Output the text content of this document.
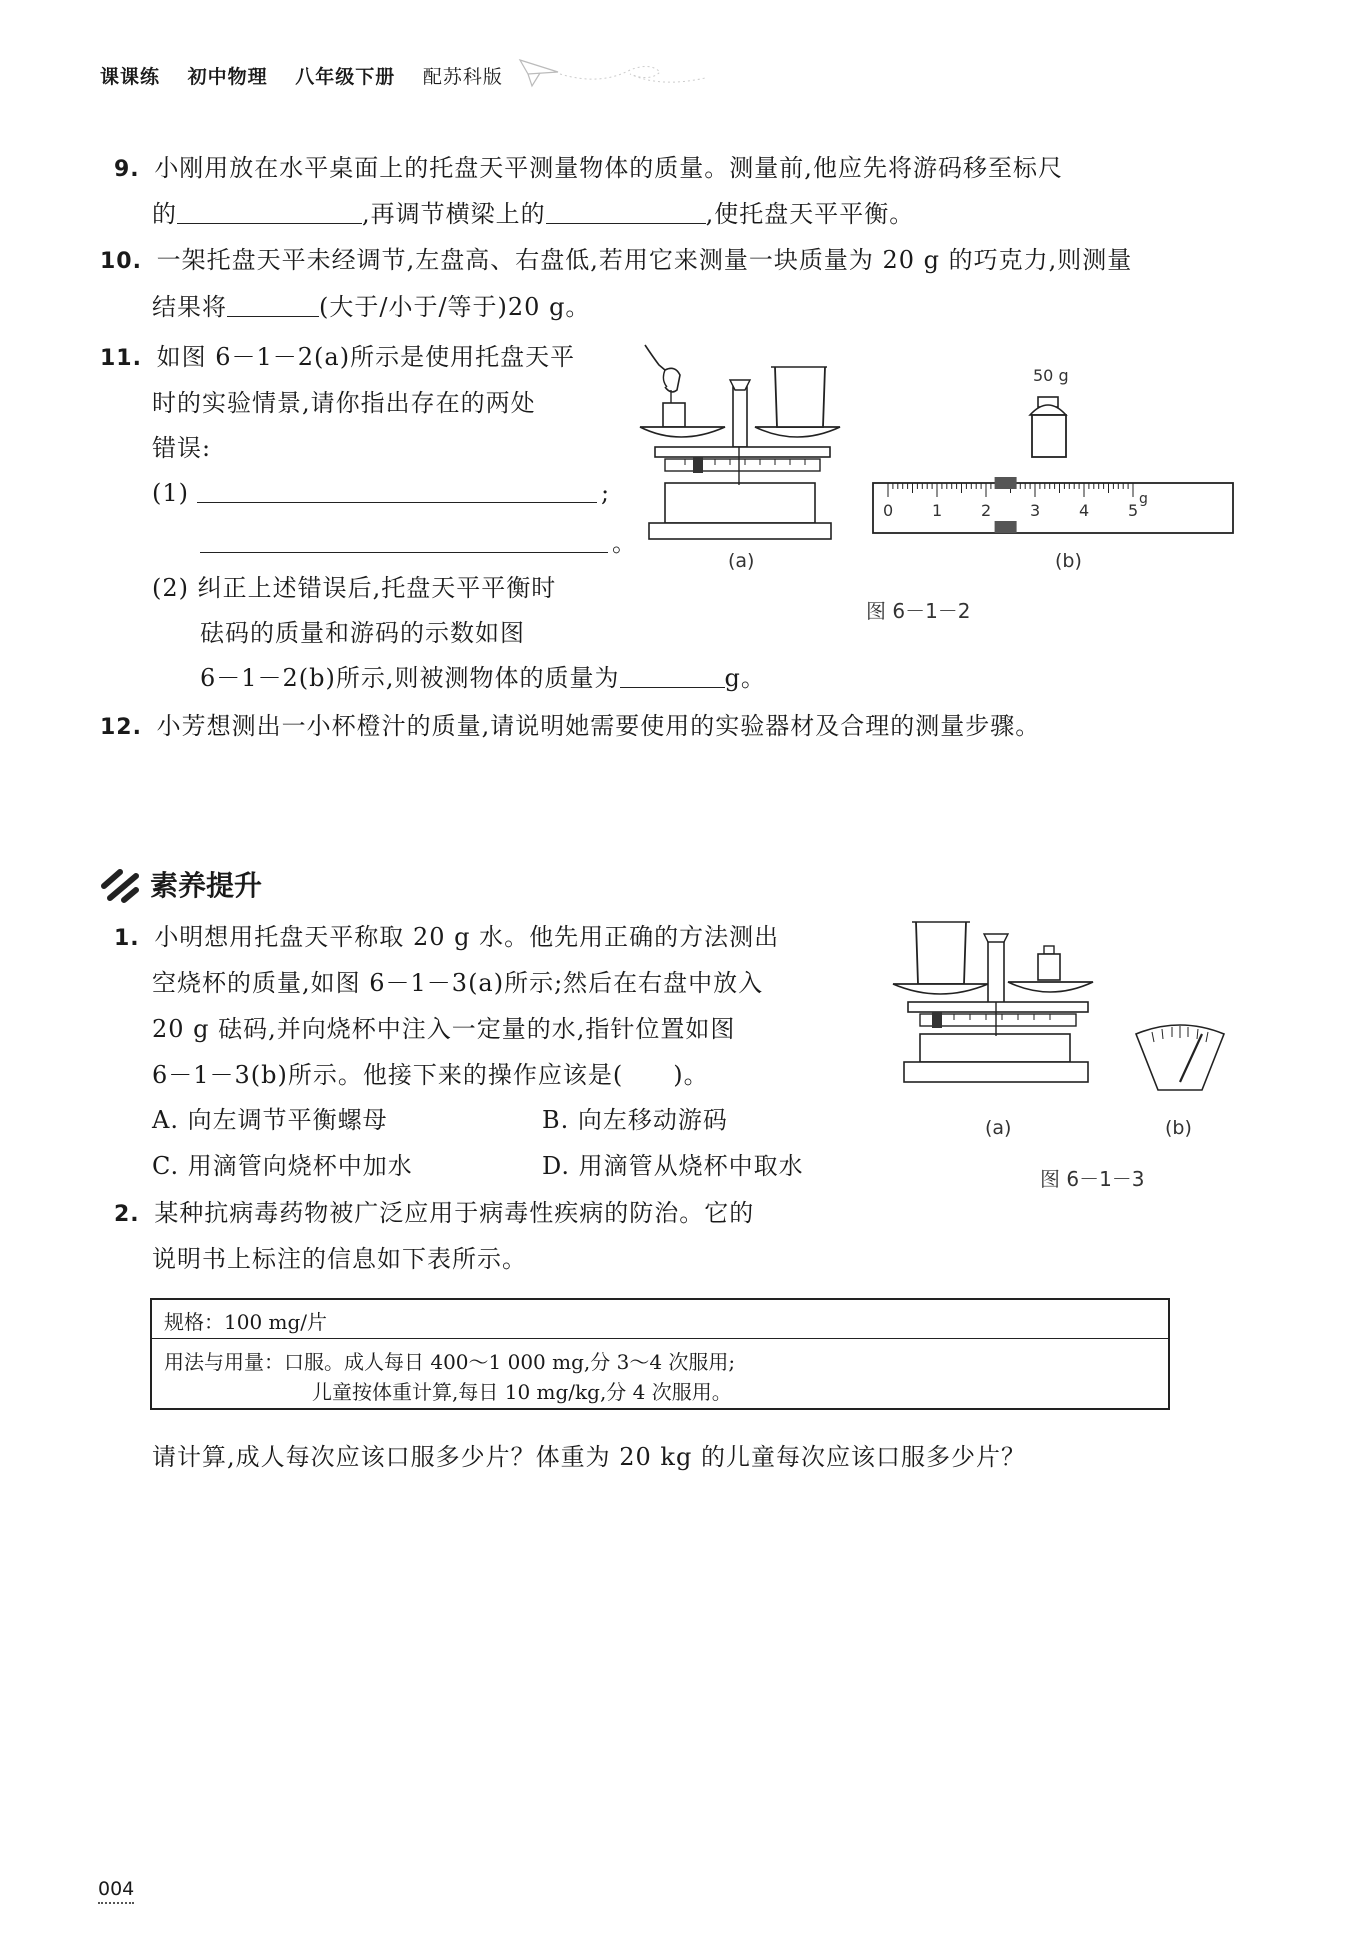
课课练 初中物理 八年级下册 配苏科版
9. 小刚用放在水平桌面上的托盘天平测量物体的质量。测量前,他应先将游码移至标尺
的	,再调节横梁上的	,使托盘天平平衡。
10. 一架托盘天平未经调节,左盘高、右盘低,若用它来测量一块质量为 20 g 的巧克力,则测量
结果将	(大于/小于/等于)20 g。
11. 如图 6－1－2(a)所示是使用托盘天平
时的实验情景,请你指出存在的两处
错误:
(1)	;
。
(2) 纠正上述错误后,托盘天平平衡时
砝码的质量和游码的示数如图
6－1－2(b)所示,则被测物体的质量为	g。
(a)
50 g
(b)
图 6－1－2
0 1 2 3 4 5
g
12. 小芳想测出一小杯橙汁的质量,请说明她需要使用的实验器材及合理的测量步骤。
素养提升
1. 小明想用托盘天平称取 20 g 水。他先用正确的方法测出
空烧杯的质量,如图 6－1－3(a)所示;然后在右盘中放入
20 g 砝码,并向烧杯中注入一定量的水,指针位置如图
6－1－3(b)所示。他接下来的操作应该是(　　)。
A. 向左调节平衡螺母	B. 向左移动游码
C. 用滴管向烧杯中加水	D. 用滴管从烧杯中取水
(a)	(b)
图 6－1－3
2. 某种抗病毒药物被广泛应用于病毒性疾病的防治。它的
说明书上标注的信息如下表所示。
规格：100 mg/片
用法与用量：口服。成人每日 400～1 000 mg,分 3～4 次服用;
儿童按体重计算,每日 10 mg/kg,分 4 次服用。
请计算,成人每次应该口服多少片？体重为 20 kg 的儿童每次应该口服多少片？
004
